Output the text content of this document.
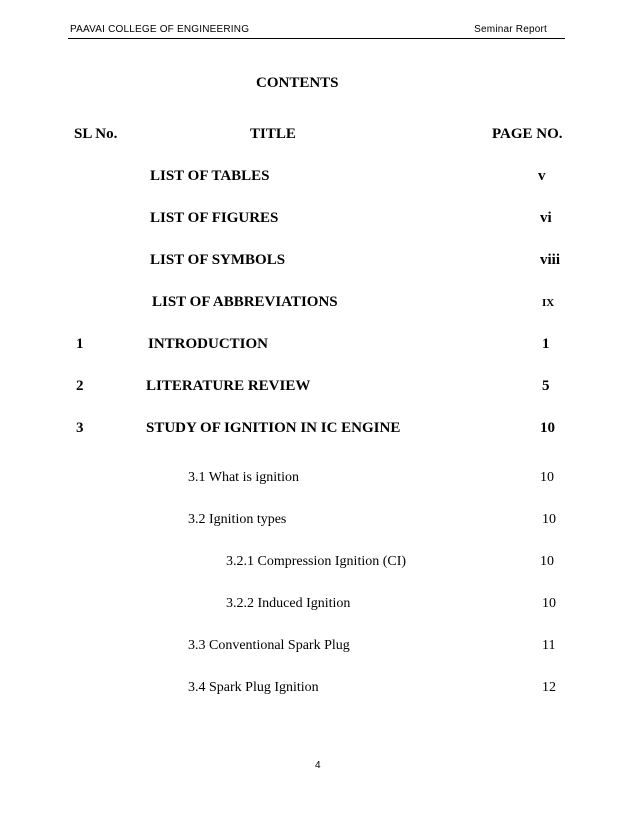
PAAVAI COLLEGE OF ENGINEERING	Seminar Report
CONTENTS
SL No.	TITLE	PAGE NO.
LIST OF TABLES	v
LIST OF FIGURES	vi
LIST OF SYMBOLS	viii
LIST OF ABBREVIATIONS	IX
1	INTRODUCTION	1
2	LITERATURE REVIEW	5
3	STUDY OF IGNITION IN IC ENGINE	10
3.1 What is ignition	10
3.2 Ignition types	10
3.2.1 Compression Ignition (CI)	10
3.2.2 Induced Ignition	10
3.3 Conventional Spark Plug	11
3.4 Spark Plug Ignition	12
4
